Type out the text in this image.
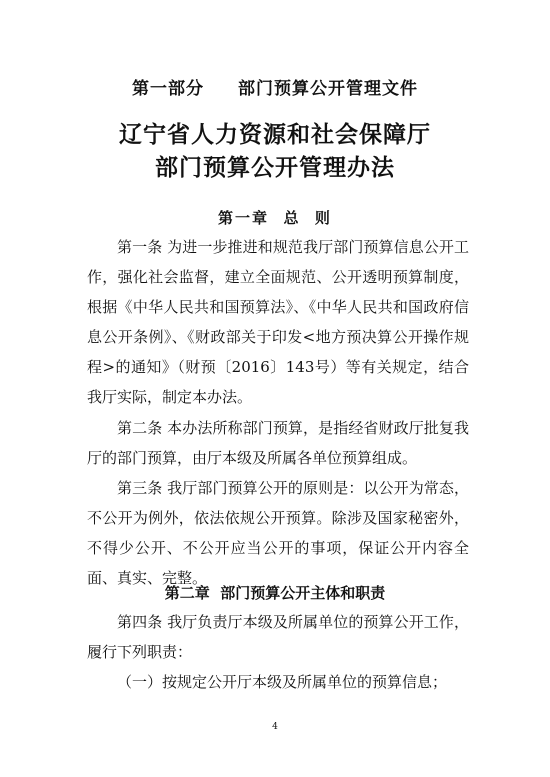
第一部分 部门预算公开管理文件
辽宁省人力资源和社会保障厅
部门预算公开管理办法
第一章  总  则

第一条 为进一步推进和规范我厅部门预算信息公开工作，强化社会监督，建立全面规范、公开透明预算制度，根据《中华人民共和国预算法》、《中华人民共和国政府信息公开条例》、《财政部关于印发<地方预决算公开操作规程>的通知》（财预〔2016〕143号）等有关规定，结合我厅实际，制定本办法。

第二条 本办法所称部门预算，是指经省财政厅批复我厅的部门预算，由厅本级及所属各单位预算组成。

第三条 我厅部门预算公开的原则是：以公开为常态，不公开为例外，依法依规公开预算。除涉及国家秘密外，不得少公开、不公开应当公开的事项，保证公开内容全面、真实、完整。

第二章  部门预算公开主体和职责

第四条 我厅负责厅本级及所属单位的预算公开工作，履行下列职责：

（一）按规定公开厅本级及所属单位的预算信息；

4
